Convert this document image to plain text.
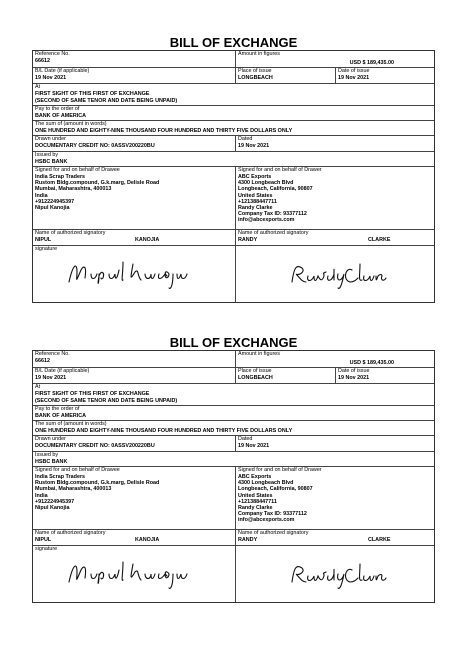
BILL OF EXCHANGE
Reference No.
66612
Amount in figures
USD $ 189,435.00
B/L Date (if applicable)
19 Nov 2021
Place of issue
LONGBEACH
Date of issue
19 Nov 2021
At
FIRST SIGHT OF THIS FIRST OF EXCHANGE
(SECOND OF SAME TENOR AND DATE BEING UNPAID)
Pay to the order of
BANK OF AMERICA
The sum of (amount in words)
ONE HUNDRED AND EIGHTY-NINE THOUSAND FOUR HUNDRED AND THIRTY FIVE DOLLARS ONLY
Drawn under
DOCUMENTARY CREDIT NO: 0ASSV200220BU
Dated
19 Nov 2021
Issued by
HSBC BANK
Signed for and on behalf of Drawee
India Scrap Traders
Rustom Bldg.compound, G.k.marg, Delisle Road
Mumbai, Maharashtra, 400013
India
+912224945397
Nipul Kanojia
Signed for and on behalf of Drawer
ABC Exports
4300 Longbeach Blvd
Longbeach, California, 90807
United States
+121388447711
Randy Clarke
Company Tax ID: 93377112
info@abcexports.com
Name of authorized signatory
NIPUL	KANOJIA
Name of authorized signatory
RANDY	CLARKE
signature
BILL OF EXCHANGE
Reference No.
66612
Amount in figures
USD $ 189,435.00
B/L Date (if applicable)
19 Nov 2021
Place of issue
LONGBEACH
Date of issue
19 Nov 2021
At
FIRST SIGHT OF THIS FIRST OF EXCHANGE
(SECOND OF SAME TENOR AND DATE BEING UNPAID)
Pay to the order of
BANK OF AMERICA
The sum of (amount in words)
ONE HUNDRED AND EIGHTY-NINE THOUSAND FOUR HUNDRED AND THIRTY FIVE DOLLARS ONLY
Drawn under
DOCUMENTARY CREDIT NO: 0ASSV200220BU
Dated
19 Nov 2021
Issued by
HSBC BANK
Signed for and on behalf of Drawee
India Scrap Traders
Rustom Bldg.compound, G.k.marg, Delisle Road
Mumbai, Maharashtra, 400013
India
+912224945397
Nipul Kanojia
Signed for and on behalf of Drawer
ABC Exports
4300 Longbeach Blvd
Longbeach, California, 90807
United States
+121388447711
Randy Clarke
Company Tax ID: 93377112
info@abcexports.com
Name of authorized signatory
NIPUL	KANOJIA
Name of authorized signatory
RANDY	CLARKE
signature
